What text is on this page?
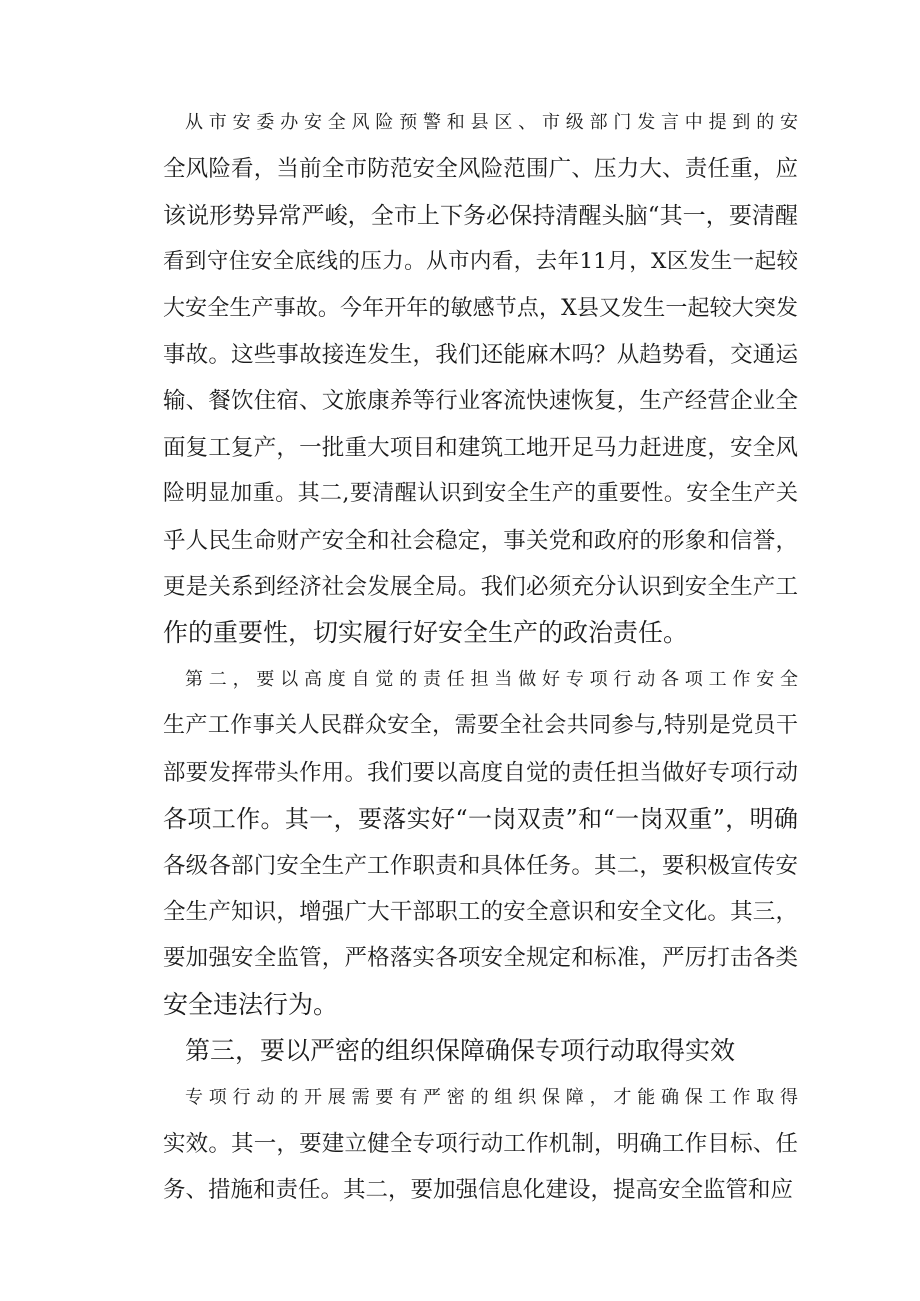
从市安委办安全风险预警和县区、市级部门发言中提到的安
全风险看，当前全市防范安全风险范围广、压力大、责任重，应
该说形势异常严峻，全市上下务必保持清醒头脑“其一，要清醒
看到守住安全底线的压力。从市内看，去年11月，X区发生一起较
大安全生产事故。今年开年的敏感节点，X县又发生一起较大突发
事故。这些事故接连发生，我们还能麻木吗？从趋势看，交通运
输、餐饮住宿、文旅康养等行业客流快速恢复，生产经营企业全
面复工复产，一批重大项目和建筑工地开足马力赶进度，安全风
险明显加重。其二,要清醒认识到安全生产的重要性。安全生产关
乎人民生命财产安全和社会稳定，事关党和政府的形象和信誉，
更是关系到经济社会发展全局。我们必须充分认识到安全生产工
作的重要性，切实履行好安全生产的政治责任。
第二，要以高度自觉的责任担当做好专项行动各项工作安全
生产工作事关人民群众安全，需要全社会共同参与,特别是党员干
部要发挥带头作用。我们要以高度自觉的责任担当做好专项行动
各项工作。其一，要落实好“一岗双责”和“一岗双重”，明确
各级各部门安全生产工作职责和具体任务。其二，要积极宣传安
全生产知识，增强广大干部职工的安全意识和安全文化。其三，
要加强安全监管，严格落实各项安全规定和标准，严厉打击各类
安全违法行为。
第三，要以严密的组织保障确保专项行动取得实效
专项行动的开展需要有严密的组织保障，才能确保工作取得
实效。其一，要建立健全专项行动工作机制，明确工作目标、任
务、措施和责任。其二，要加强信息化建设，提高安全监管和应
